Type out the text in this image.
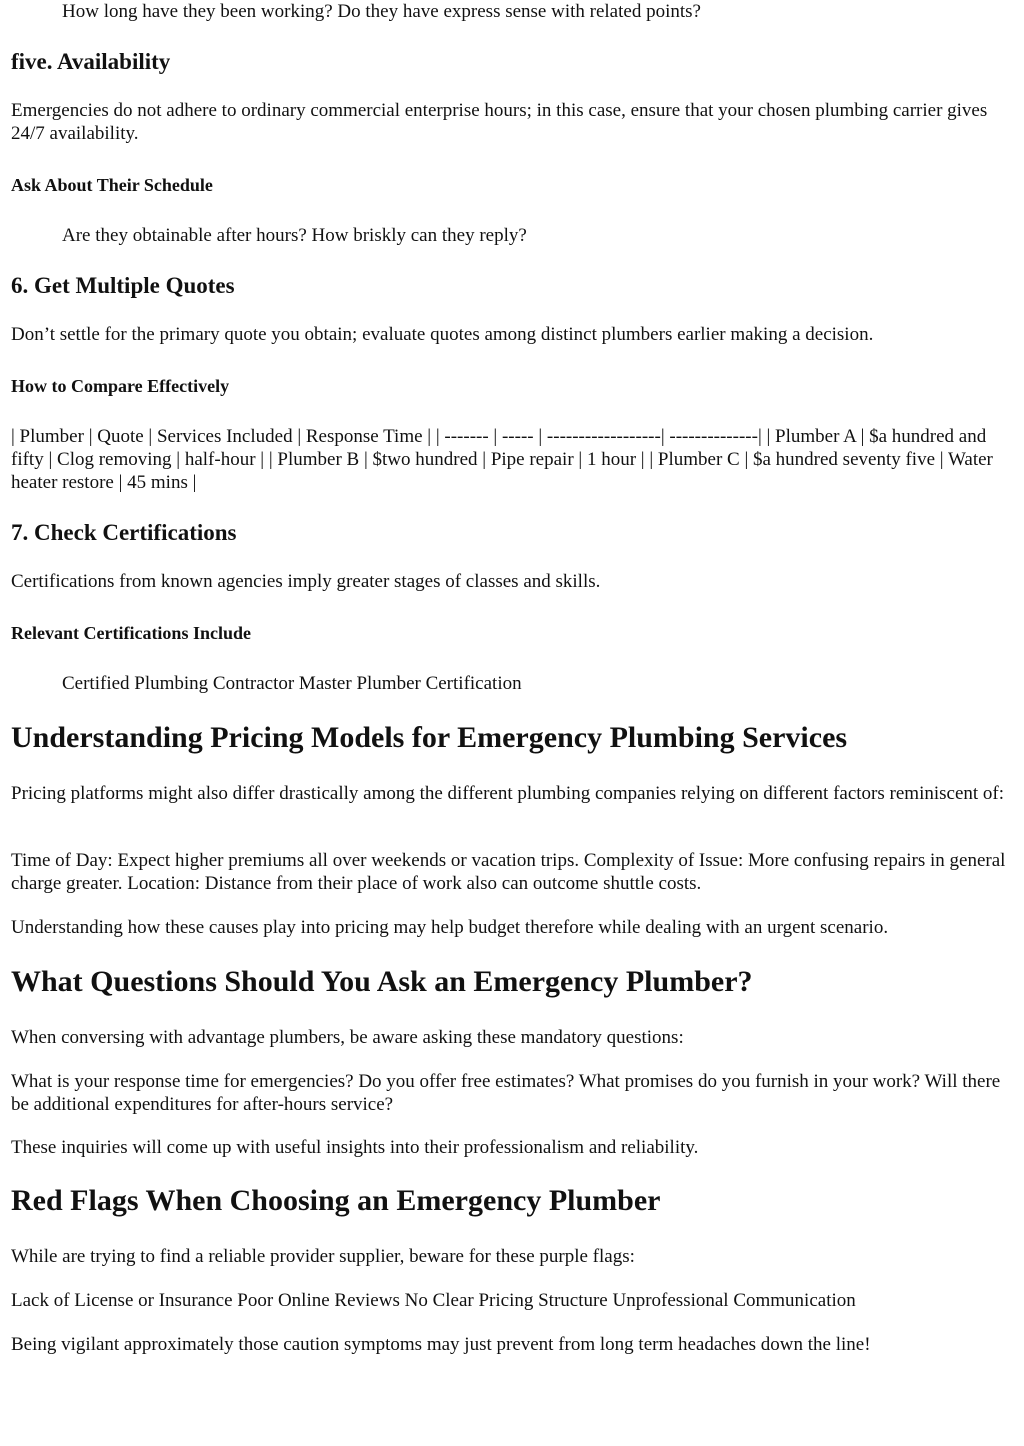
How long have they been working? Do they have express sense with related points?

five. Availability

Emergencies do not adhere to ordinary commercial enterprise hours; in this case, ensure that your chosen plumbing carrier gives 24/7 availability.

Ask About Their Schedule

Are they obtainable after hours? How briskly can they reply?

6. Get Multiple Quotes

Don’t settle for the primary quote you obtain; evaluate quotes among distinct plumbers earlier making a decision.

How to Compare Effectively

| Plumber | Quote | Services Included | Response Time | | ------- | ----- | ------------------| --------------| | Plumber A | $a hundred and fifty | Clog removing | half-hour | | Plumber B | $two hundred | Pipe repair | 1 hour | | Plumber C | $a hundred seventy five | Water heater restore | 45 mins |

7. Check Certifications

Certifications from known agencies imply greater stages of classes and skills.

Relevant Certifications Include

Certified Plumbing Contractor Master Plumber Certification

Understanding Pricing Models for Emergency Plumbing Services

Pricing platforms might also differ drastically among the different plumbing companies relying on different factors reminiscent of:

Time of Day: Expect higher premiums all over weekends or vacation trips. Complexity of Issue: More confusing repairs in general charge greater. Location: Distance from their place of work also can outcome shuttle costs.

Understanding how these causes play into pricing may help budget therefore while dealing with an urgent scenario.

What Questions Should You Ask an Emergency Plumber?

When conversing with advantage plumbers, be aware asking these mandatory questions:

What is your response time for emergencies? Do you offer free estimates? What promises do you furnish in your work? Will there be additional expenditures for after-hours service?

These inquiries will come up with useful insights into their professionalism and reliability.

Red Flags When Choosing an Emergency Plumber

While are trying to find a reliable provider supplier, beware for these purple flags:

Lack of License or Insurance Poor Online Reviews No Clear Pricing Structure Unprofessional Communication

Being vigilant approximately those caution symptoms may just prevent from long term headaches down the line!
